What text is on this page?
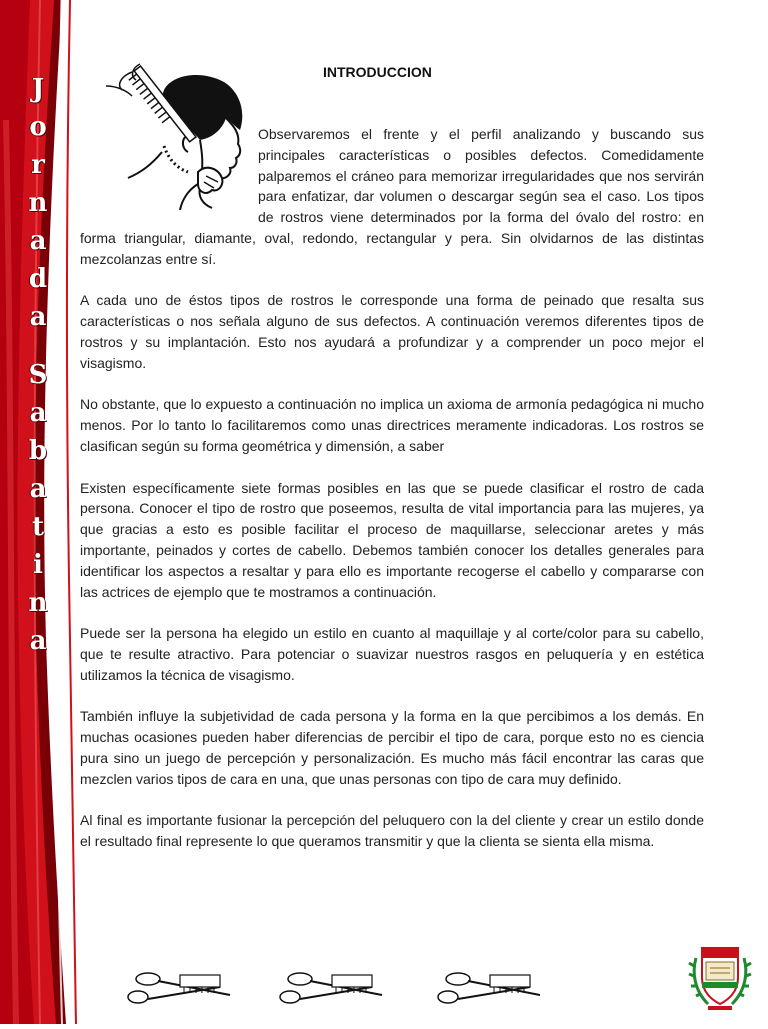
J
o
r
n
a
d
a
S
a
b
a
t
i
n
a
INTRODUCCION

Observaremos el frente y el perfil analizando y buscando sus principales características o posibles defectos. Comedidamente palparemos el cráneo para memorizar irregularidades que nos servirán para enfatizar, dar volumen o descargar según sea el caso. Los tipos de rostros viene determinados por la forma del óvalo del rostro: en forma triangular, diamante, oval, redondo, rectangular y pera. Sin olvidarnos de las distintas mezcolanzas entre sí.

A cada uno de éstos tipos de rostros le corresponde una forma de peinado que resalta sus características o nos señala alguno de sus defectos. A continuación veremos diferentes tipos de rostros y su implantación. Esto nos ayudará a profundizar y a comprender un poco mejor el visagismo.

No obstante, que lo expuesto a continuación no implica un axioma de armonía pedagógica ni mucho menos. Por lo tanto lo facilitaremos como unas directrices meramente indicadoras. Los rostros se clasifican según su forma geométrica y dimensión, a saber

Existen específicamente siete formas posibles en las que se puede clasificar el rostro de cada persona. Conocer el tipo de rostro que poseemos, resulta de vital importancia para las mujeres, ya que gracias a esto es posible facilitar el proceso de maquillarse, seleccionar aretes y más importante, peinados y cortes de cabello. Debemos también conocer los detalles generales para identificar los aspectos a resaltar y para ello es importante recogerse el cabello y compararse con las actrices de ejemplo que te mostramos a continuación.

Puede ser la persona ha elegido un estilo en cuanto al maquillaje y al corte/color para su cabello, que te resulte atractivo. Para potenciar o suavizar nuestros rasgos en peluquería y en estética utilizamos la técnica de visagismo.

También influye la subjetividad de cada persona y la forma en la que percibimos a los demás. En muchas ocasiones pueden haber diferencias de percibir el tipo de cara, porque esto no es ciencia pura sino un juego de percepción y personalización. Es mucho más fácil encontrar las caras que mezclen varios tipos de cara en una, que unas personas con tipo de cara muy definido.

Al final es importante fusionar la percepción del peluquero con la del cliente y crear un estilo donde el resultado final represente lo que queramos transmitir y que la clienta se sienta ella misma.
